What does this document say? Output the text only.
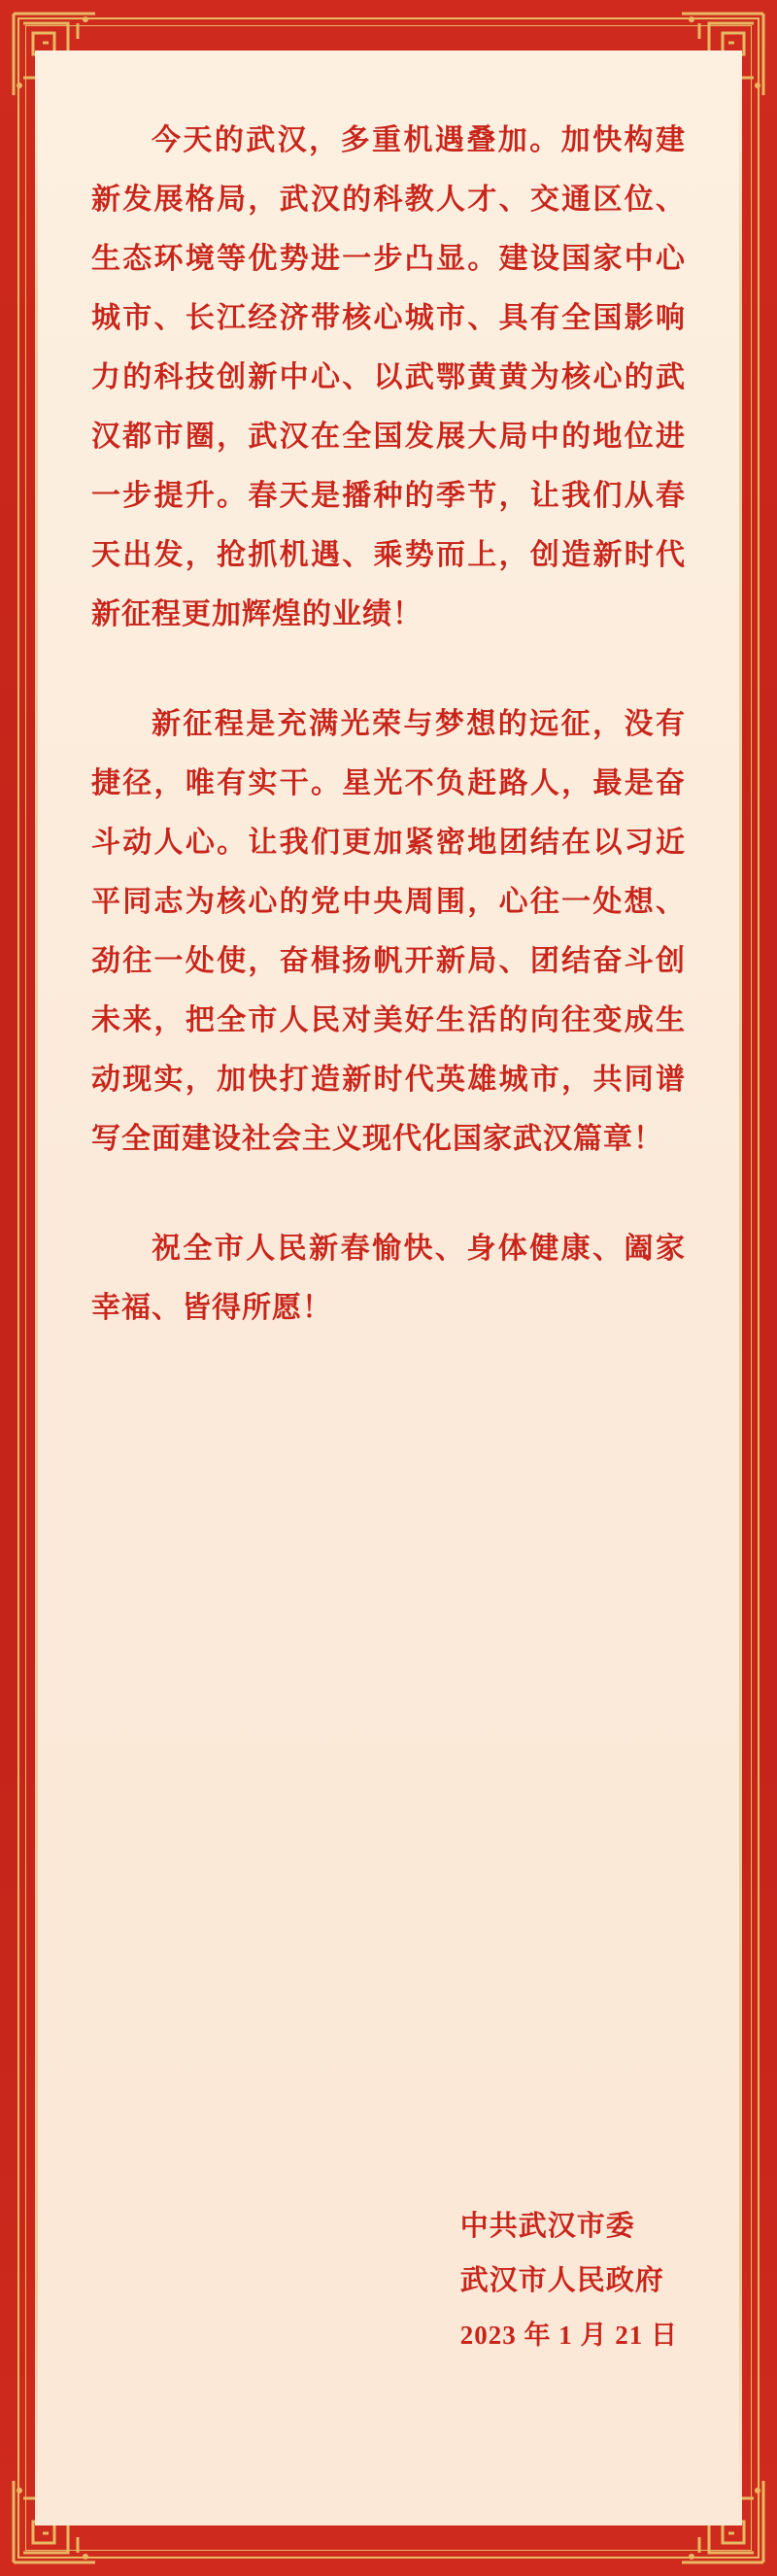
今天的武汉，多重机遇叠加。加快构建新发展格局，武汉的科教人才、交通区位、生态环境等优势进一步凸显。建设国家中心城市、长江经济带核心城市、具有全国影响力的科技创新中心、以武鄂黄黄为核心的武汉都市圈，武汉在全国发展大局中的地位进一步提升。春天是播种的季节，让我们从春天出发，抢抓机遇、乘势而上，创造新时代新征程更加辉煌的业绩！

新征程是充满光荣与梦想的远征，没有捷径，唯有实干。星光不负赶路人，最是奋斗动人心。让我们更加紧密地团结在以习近平同志为核心的党中央周围，心往一处想、劲往一处使，奋楫扬帆开新局、团结奋斗创未来，把全市人民对美好生活的向往变成生动现实，加快打造新时代英雄城市，共同谱写全面建设社会主义现代化国家武汉篇章！

祝全市人民新春愉快、身体健康、阖家幸福、皆得所愿！

中共武汉市委
武汉市人民政府
2023 年 1 月 21 日
